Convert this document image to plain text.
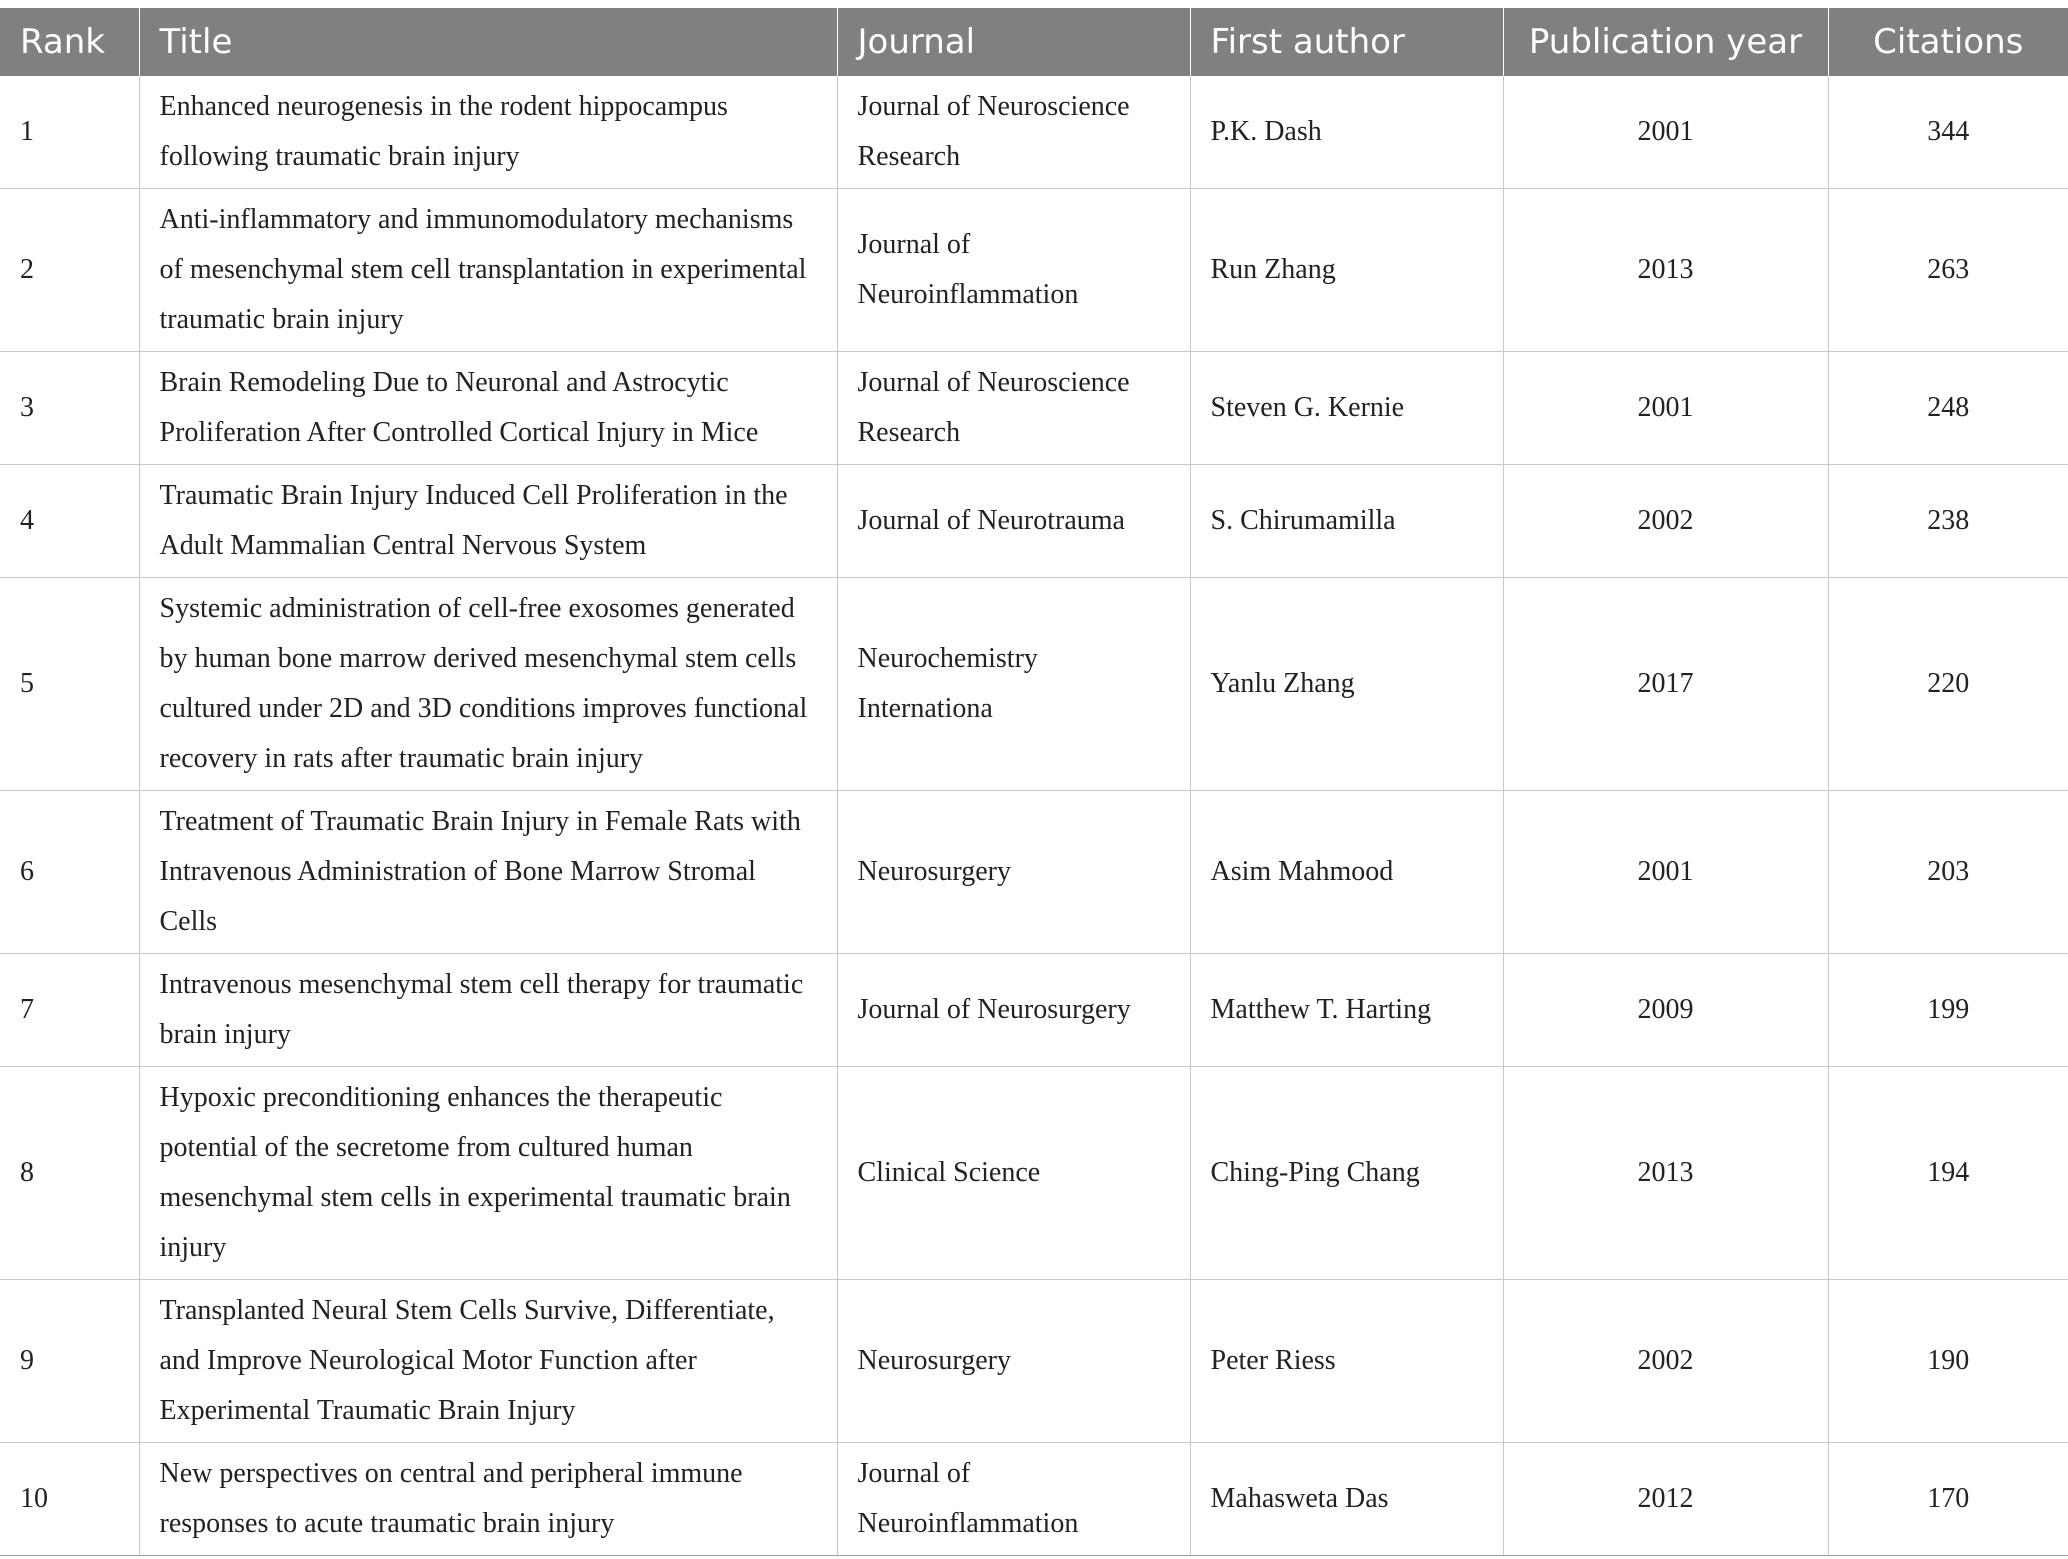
Rank	Title	Journal	First author	Publication year	Citations
1	Enhanced neurogenesis in the rodent hippocampus following traumatic brain injury	Journal of Neuroscience Research	P.K. Dash	2001	344
2	Anti-inflammatory and immunomodulatory mechanisms of mesenchymal stem cell transplantation in experimental traumatic brain injury	Journal of Neuroinflammation	Run Zhang	2013	263
3	Brain Remodeling Due to Neuronal and Astrocytic Proliferation After Controlled Cortical Injury in Mice	Journal of Neuroscience Research	Steven G. Kernie	2001	248
4	Traumatic Brain Injury Induced Cell Proliferation in the Adult Mammalian Central Nervous System	Journal of Neurotrauma	S. Chirumamilla	2002	238
5	Systemic administration of cell-free exosomes generated by human bone marrow derived mesenchymal stem cells cultured under 2D and 3D conditions improves functional recovery in rats after traumatic brain injury	Neurochemistry Internationa	Yanlu Zhang	2017	220
6	Treatment of Traumatic Brain Injury in Female Rats with Intravenous Administration of Bone Marrow Stromal Cells	Neurosurgery	Asim Mahmood	2001	203
7	Intravenous mesenchymal stem cell therapy for traumatic brain injury	Journal of Neurosurgery	Matthew T. Harting	2009	199
8	Hypoxic preconditioning enhances the therapeutic potential of the secretome from cultured human mesenchymal stem cells in experimental traumatic brain injury	Clinical Science	Ching-Ping Chang	2013	194
9	Transplanted Neural Stem Cells Survive, Differentiate, and Improve Neurological Motor Function after Experimental Traumatic Brain Injury	Neurosurgery	Peter Riess	2002	190
10	New perspectives on central and peripheral immune responses to acute traumatic brain injury	Journal of Neuroinflammation	Mahasweta Das	2012	170
